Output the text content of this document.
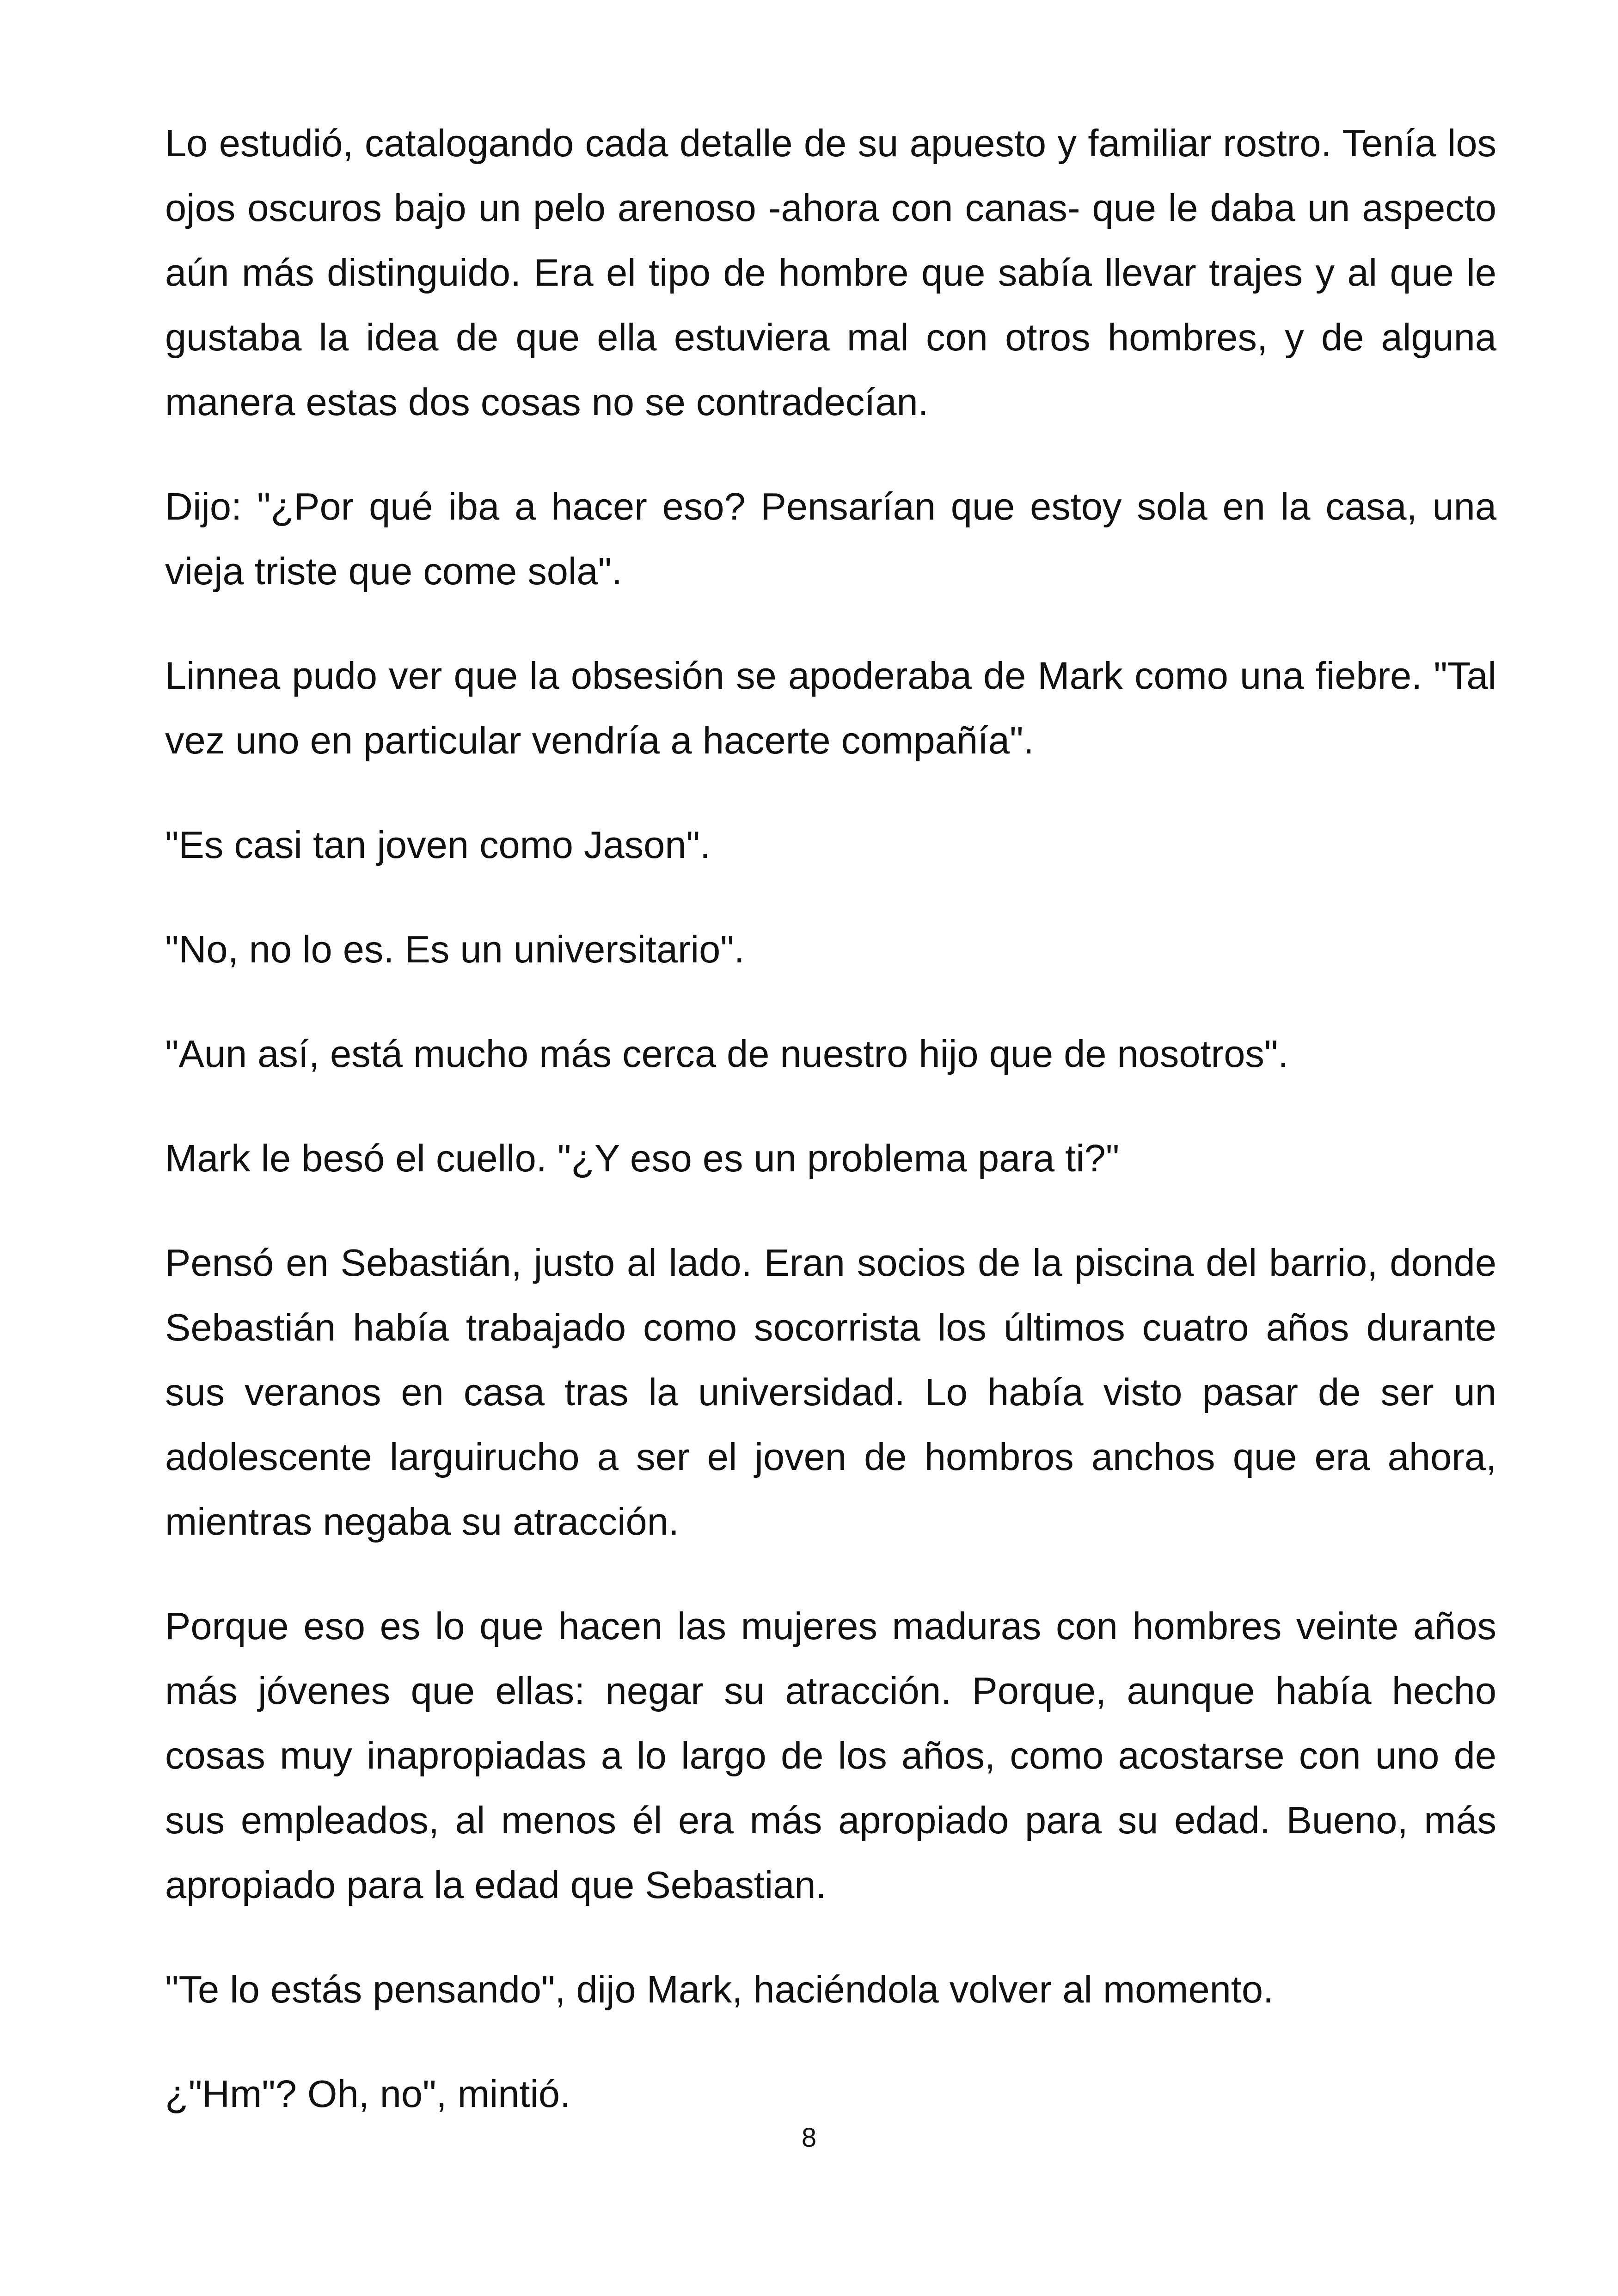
Lo estudió, catalogando cada detalle de su apuesto y familiar rostro. Tenía los ojos oscuros bajo un pelo arenoso -ahora con canas- que le daba un aspecto aún más distinguido. Era el tipo de hombre que sabía llevar trajes y al que le gustaba la idea de que ella estuviera mal con otros hombres, y de alguna manera estas dos cosas no se contradecían.

Dijo: "¿Por qué iba a hacer eso? Pensarían que estoy sola en la casa, una vieja triste que come sola".

Linnea pudo ver que la obsesión se apoderaba de Mark como una fiebre. "Tal vez uno en particular vendría a hacerte compañía".

"Es casi tan joven como Jason".

"No, no lo es. Es un universitario".

"Aun así, está mucho más cerca de nuestro hijo que de nosotros".

Mark le besó el cuello. "¿Y eso es un problema para ti?"

Pensó en Sebastián, justo al lado. Eran socios de la piscina del barrio, donde Sebastián había trabajado como socorrista los últimos cuatro años durante sus veranos en casa tras la universidad. Lo había visto pasar de ser un adolescente larguirucho a ser el joven de hombros anchos que era ahora, mientras negaba su atracción.

Porque eso es lo que hacen las mujeres maduras con hombres veinte años más jóvenes que ellas: negar su atracción. Porque, aunque había hecho cosas muy inapropiadas a lo largo de los años, como acostarse con uno de sus empleados, al menos él era más apropiado para su edad. Bueno, más apropiado para la edad que Sebastian.

"Te lo estás pensando", dijo Mark, haciéndola volver al momento.

¿"Hm"? Oh, no", mintió.

8
